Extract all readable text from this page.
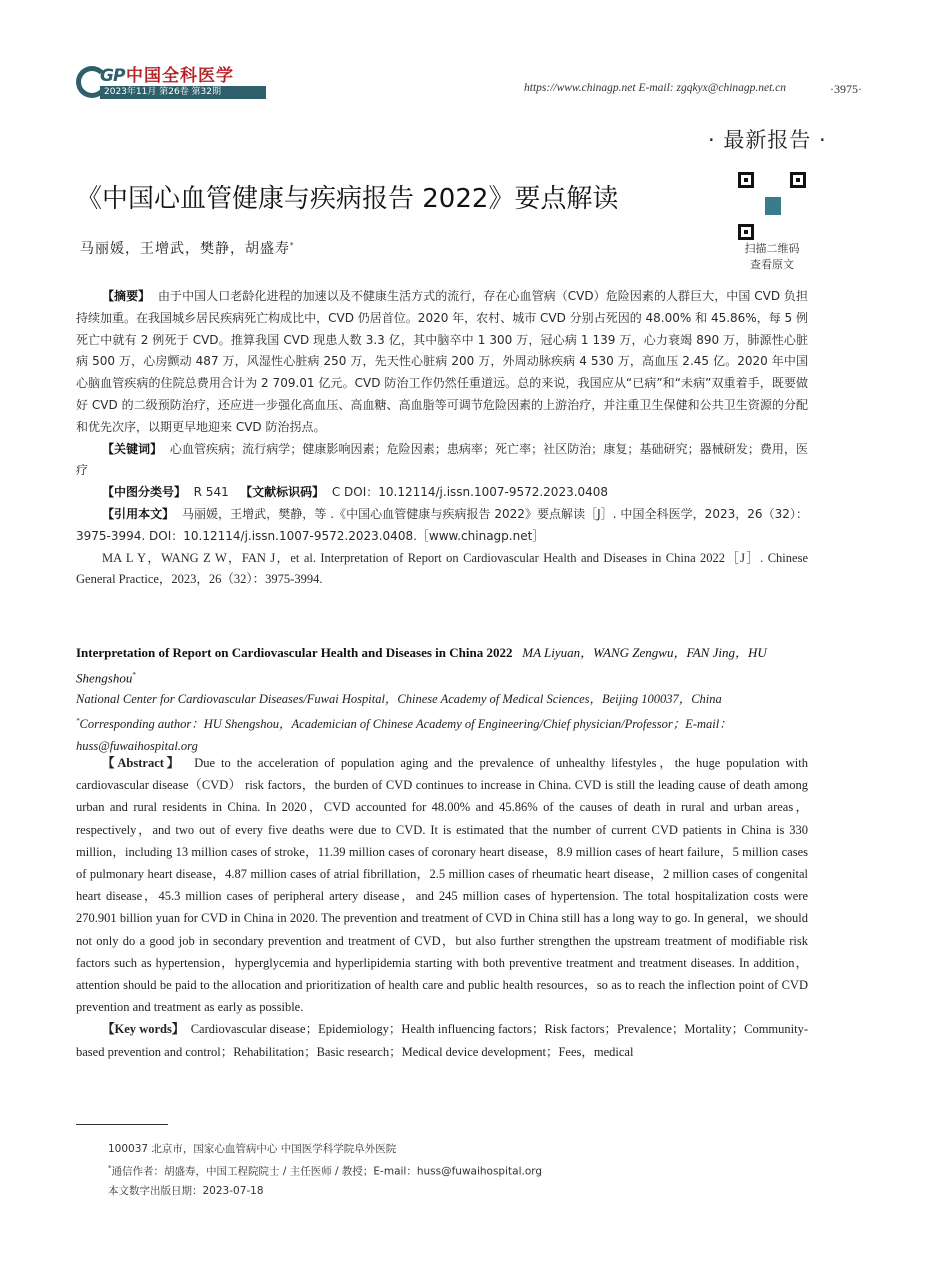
GP 中国全科医学
2023年11月 第26卷 第32期	https://www.chinagp.net E-mail: zgqkyx@chinagp.net.cn	·3975·
· 最新报告 ·
《中国心血管健康与疾病报告 2022》要点解读
扫描二维码
查看原文
马丽媛，王增武，樊静，胡盛寿*

【摘要】 由于中国人口老龄化进程的加速以及不健康生活方式的流行，存在心血管病（CVD）危险因素的人群巨大，中国 CVD 负担持续加重。在我国城乡居民疾病死亡构成比中，CVD 仍居首位。2020 年，农村、城市 CVD 分别占死因的 48.00% 和 45.86%，每 5 例死亡中就有 2 例死于 CVD。推算我国 CVD 现患人数 3.3 亿，其中脑卒中 1 300 万，冠心病 1 139 万，心力衰竭 890 万，肺源性心脏病 500 万，心房颤动 487 万，风湿性心脏病 250 万，先天性心脏病 200 万，外周动脉疾病 4 530 万，高血压 2.45 亿。2020 年中国心脑血管疾病的住院总费用合计为 2 709.01 亿元。CVD 防治工作仍然任重道远。总的来说，我国应从“已病”和“未病”双重着手，既要做好 CVD 的二级预防治疗，还应进一步强化高血压、高血糖、高血脂等可调节危险因素的上游治疗，并注重卫生保健和公共卫生资源的分配和优先次序，以期更早地迎来 CVD 防治拐点。

【关键词】 心血管疾病；流行病学；健康影响因素；危险因素；患病率；死亡率；社区防治；康复；基础研究；器械研发；费用，医疗

【中图分类号】 R 541 【文献标识码】 C DOI：10.12114/j.issn.1007-9572.2023.0408

【引用本文】 马丽媛，王增武，樊静，等 .《中国心血管健康与疾病报告 2022》要点解读［J］. 中国全科医学，2023，26（32）：3975-3994. DOI：10.12114/j.issn.1007-9572.2023.0408.［www.chinagp.net］

MA L Y，WANG Z W，FAN J，et al. Interpretation of Report on Cardiovascular Health and Diseases in China 2022［J］. Chinese General Practice，2023，26（32）：3975-3994.

Interpretation of Report on Cardiovascular Health and Diseases in China 2022 MA Liyuan，WANG Zengwu，FAN Jing，HU Shengshou*
National Center for Cardiovascular Diseases/Fuwai Hospital，Chinese Academy of Medical Sciences，Beijing 100037，China
*Corresponding author：HU Shengshou，Academician of Chinese Academy of Engineering/Chief physician/Professor；E-mail：huss@fuwaihospital.org

【Abstract】 Due to the acceleration of population aging and the prevalence of unhealthy lifestyles，the huge population with cardiovascular disease（CVD） risk factors，the burden of CVD continues to increase in China. CVD is still the leading cause of death among urban and rural residents in China. In 2020，CVD accounted for 48.00% and 45.86% of the causes of death in rural and urban areas，respectively，and two out of every five deaths were due to CVD. It is estimated that the number of current CVD patients in China is 330 million，including 13 million cases of stroke，11.39 million cases of coronary heart disease，8.9 million cases of heart failure，5 million cases of pulmonary heart disease，4.87 million cases of atrial fibrillation，2.5 million cases of rheumatic heart disease，2 million cases of congenital heart disease，45.3 million cases of peripheral artery disease，and 245 million cases of hypertension. The total hospitalization costs were 270.901 billion yuan for CVD in China in 2020. The prevention and treatment of CVD in China still has a long way to go. In general，we should not only do a good job in secondary prevention and treatment of CVD，but also further strengthen the upstream treatment of modifiable risk factors such as hypertension，hyperglycemia and hyperlipidemia starting with both preventive treatment and treatment diseases. In addition，attention should be paid to the allocation and prioritization of health care and public health resources，so as to reach the inflection point of CVD prevention and treatment as early as possible.

【Key words】 Cardiovascular disease；Epidemiology；Health influencing factors；Risk factors；Prevalence；Mortality；Community-based prevention and control；Rehabilitation；Basic research；Medical device development；Fees，medical

100037 北京市，国家心血管病中心 中国医学科学院阜外医院
*通信作者：胡盛寿，中国工程院院士 / 主任医师 / 教授；E-mail：huss@fuwaihospital.org
本文数字出版日期：2023-07-18
